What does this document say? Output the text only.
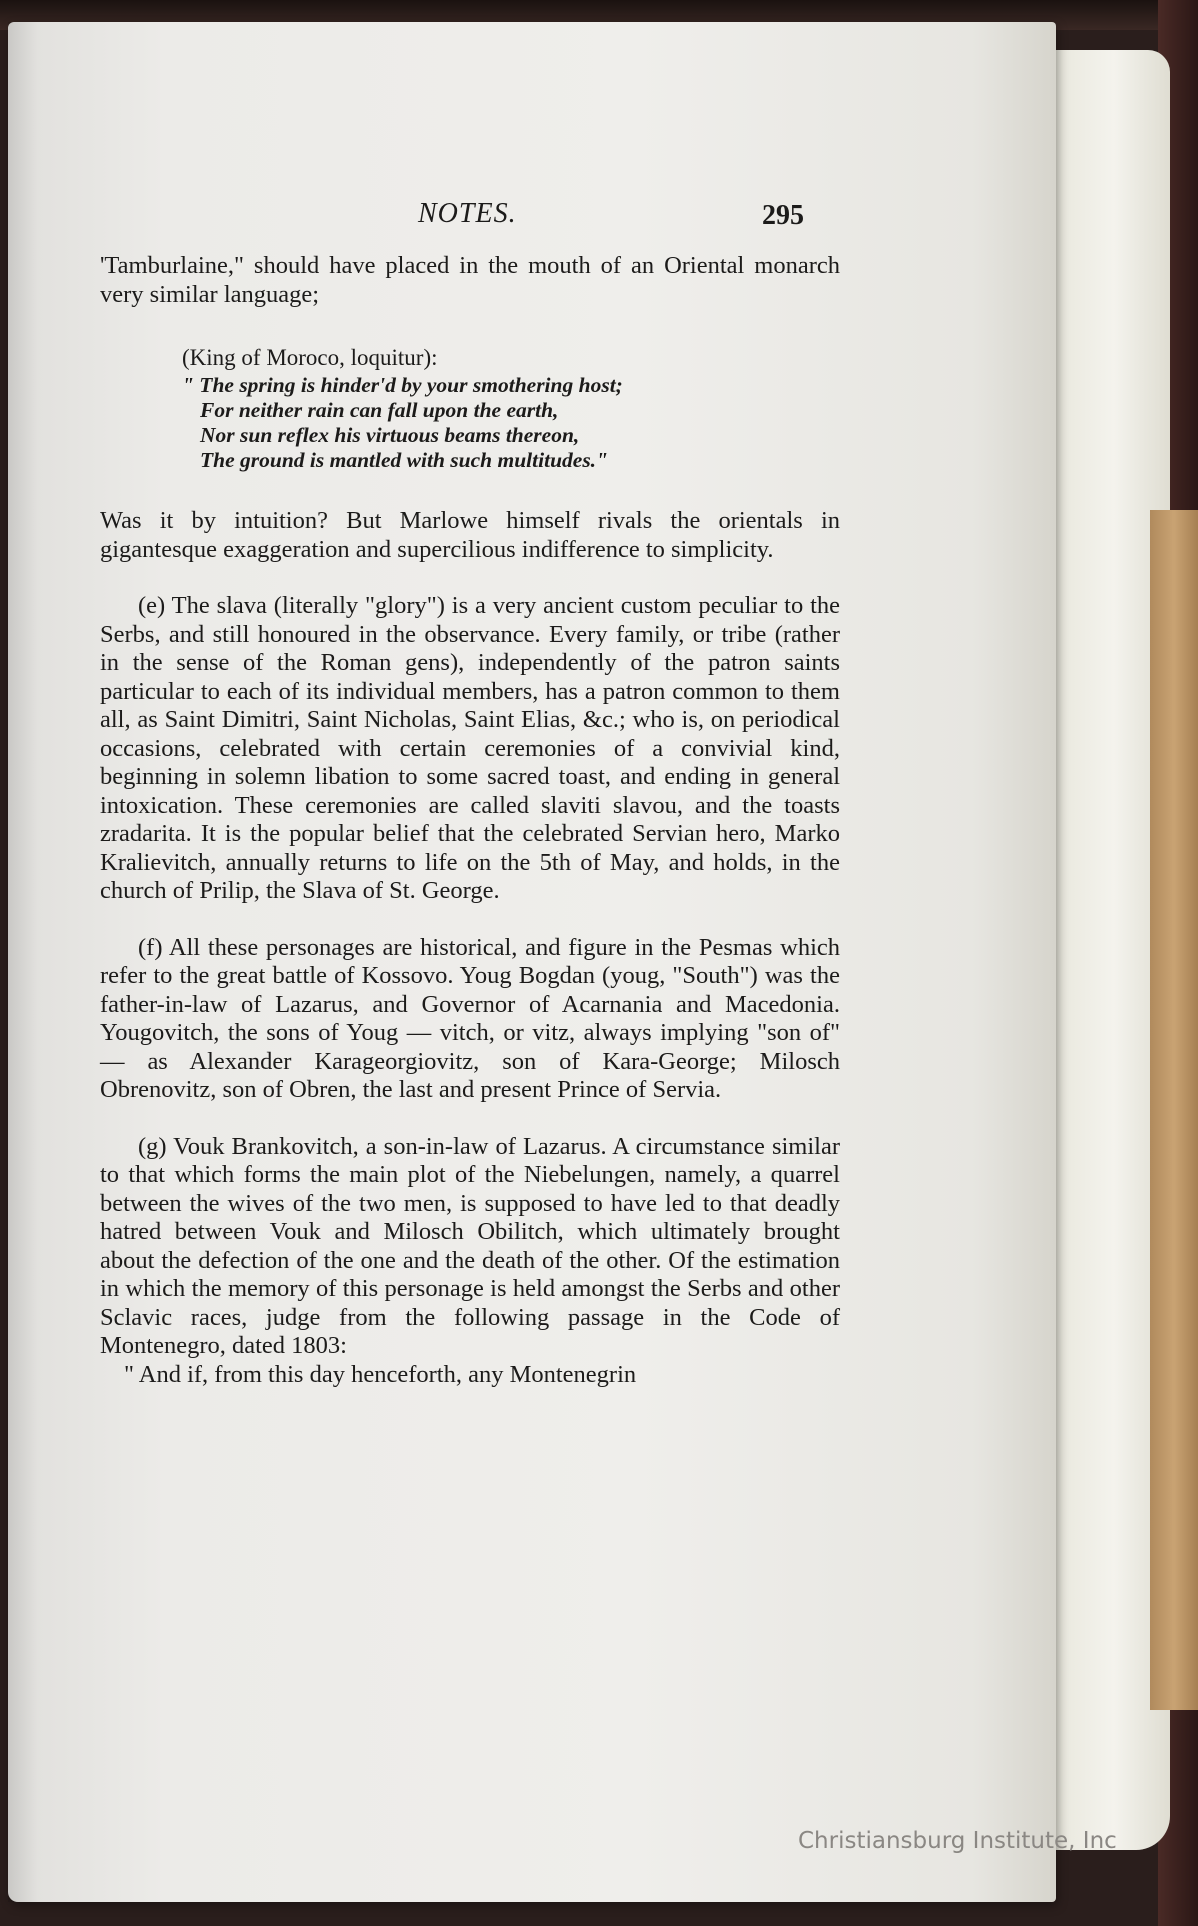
NOTES.	295

'Tamburlaine," should have placed in the mouth of an Oriental monarch very similar language;

(King of Moroco, loquitur):
" The spring is hinder'd by your smothering host;
For neither rain can fall upon the earth,
Nor sun reflex his virtuous beams thereon,
The ground is mantled with such multitudes."

Was it by intuition? But Marlowe himself rivals the orientals in gigantesque exaggeration and supercilious indifference to simplicity.

(e) The slava (literally "glory") is a very ancient custom peculiar to the Serbs, and still honoured in the observance. Every family, or tribe (rather in the sense of the Roman gens), independently of the patron saints particular to each of its individual members, has a patron common to them all, as Saint Dimitri, Saint Nicholas, Saint Elias, &c.; who is, on periodical occasions, celebrated with certain ceremonies of a convivial kind, beginning in solemn libation to some sacred toast, and ending in general intoxication. These ceremonies are called slaviti slavou, and the toasts zradarita. It is the popular belief that the celebrated Servian hero, Marko Kralievitch, annually returns to life on the 5th of May, and holds, in the church of Prilip, the Slava of St. George.

(f) All these personages are historical, and figure in the Pesmas which refer to the great battle of Kossovo. Youg Bogdan (youg, "South") was the father-in-law of Lazarus, and Governor of Acarnania and Macedonia. Yougovitch, the sons of Youg — vitch, or vitz, always implying "son of" — as Alexander Karageorgiovitz, son of Kara-George; Milosch Obrenovitz, son of Obren, the last and present Prince of Servia.

(g) Vouk Brankovitch, a son-in-law of Lazarus. A circumstance similar to that which forms the main plot of the Niebelungen, namely, a quarrel between the wives of the two men, is supposed to have led to that deadly hatred between Vouk and Milosch Obilitch, which ultimately brought about the defection of the one and the death of the other. Of the estimation in which the memory of this personage is held amongst the Serbs and other Sclavic races, judge from the following passage in the Code of Montenegro, dated 1803:

" And if, from this day henceforth, any Montenegrin

Christiansburg Institute, Inc
